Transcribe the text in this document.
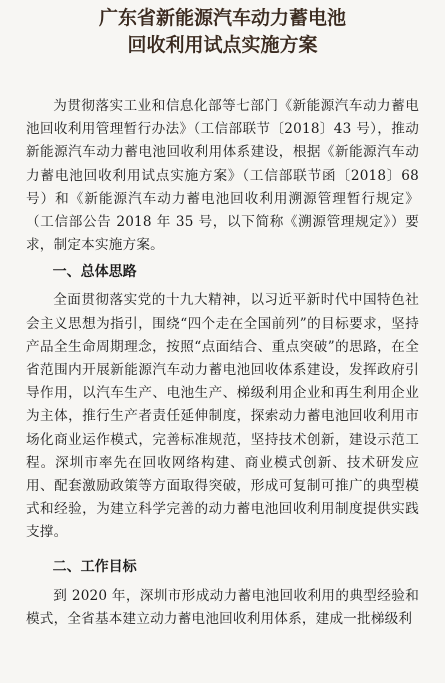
广东省新能源汽车动力蓄电池
回收利用试点实施方案

为贯彻落实工业和信息化部等七部门《新能源汽车动力蓄电池回收利用管理暂行办法》（工信部联节〔2018〕43 号），推动新能源汽车动力蓄电池回收利用体系建设，根据《新能源汽车动力蓄电池回收利用试点实施方案》（工信部联节函〔2018〕68 号）和《新能源汽车动力蓄电池回收利用溯源管理暂行规定》（工信部公告 2018 年 35 号，以下简称《溯源管理规定》）要求，制定本实施方案。

一、总体思路

全面贯彻落实党的十九大精神，以习近平新时代中国特色社会主义思想为指引，围绕“四个走在全国前列”的目标要求，坚持产品全生命周期理念，按照“点面结合、重点突破”的思路，在全省范围内开展新能源汽车动力蓄电池回收体系建设，发挥政府引导作用，以汽车生产、电池生产、梯级利用企业和再生利用企业为主体，推行生产者责任延伸制度，探索动力蓄电池回收利用市场化商业运作模式，完善标准规范，坚持技术创新，建设示范工程。深圳市率先在回收网络构建、商业模式创新、技术研发应用、配套激励政策等方面取得突破，形成可复制可推广的典型模式和经验，为建立科学完善的动力蓄电池回收利用制度提供实践支撑。

二、工作目标

到 2020 年，深圳市形成动力蓄电池回收利用的典型经验和模式，全省基本建立动力蓄电池回收利用体系，建成一批梯级利
